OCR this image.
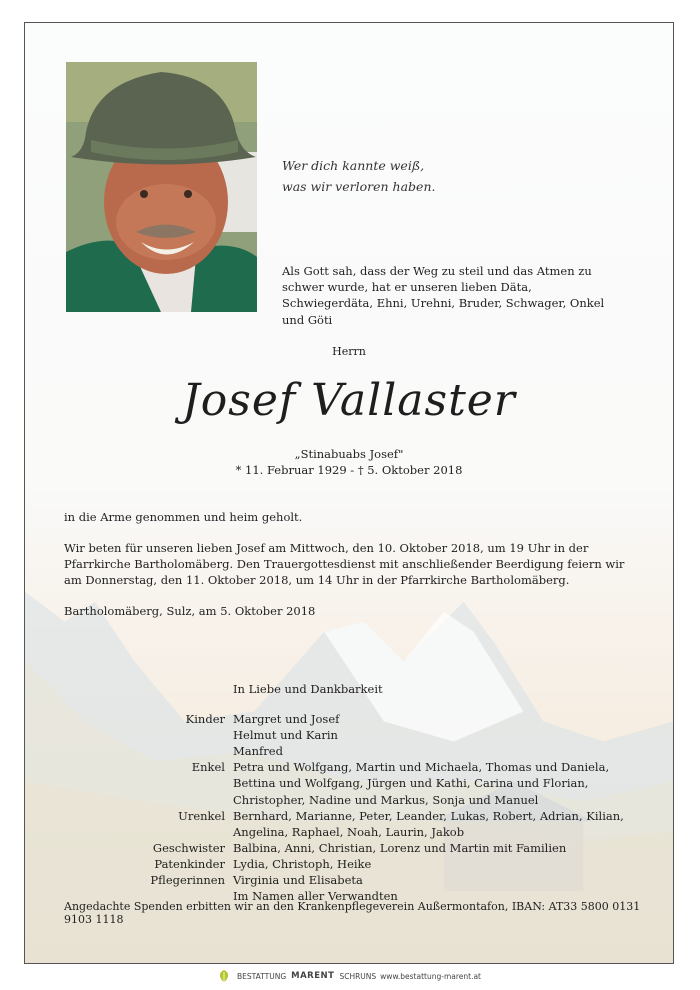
Wer dich kannte weiß,
was wir verloren haben.
Als Gott sah, dass der Weg zu steil und das Atmen zu schwer wurde, hat er unseren lieben Däta, Schwiegerdäta, Ehni, Urehni, Bruder, Schwager, Onkel und Göti
Herrn
Josef Vallaster
„Stinabuabs Josef"
* 11. Februar 1929 - † 5. Oktober 2018
in die Arme genommen und heim geholt.
Wir beten für unseren lieben Josef am Mittwoch, den 10. Oktober 2018, um 19 Uhr in der Pfarrkirche Bartholomäberg. Den Trauergottesdienst mit anschließender Beerdigung feiern wir am Donnerstag, den 11. Oktober 2018, um 14 Uhr in der Pfarrkirche Bartholomäberg.
Bartholomäberg, Sulz, am 5. Oktober 2018
In Liebe und Dankbarkeit
Kinder Margret und Josef
Helmut und Karin
Manfred
Enkel Petra und Wolfgang, Martin und Michaela, Thomas und Daniela,
Bettina und Wolfgang, Jürgen und Kathi, Carina und Florian,
Christopher, Nadine und Markus, Sonja und Manuel
Urenkel Bernhard, Marianne, Peter, Leander, Lukas, Robert, Adrian, Kilian,
Angelina, Raphael, Noah, Laurin, Jakob
Geschwister Balbina, Anni, Christian, Lorenz und Martin mit Familien
Patenkinder Lydia, Christoph, Heike
Pflegerinnen Virginia und Elisabeta
Im Namen aller Verwandten
Angedachte Spenden erbitten wir an den Krankenpflegeverein Außermontafon, IBAN: AT33 5800 0131 9103 1118
BESTATTUNG MARENT SCHRUNS www.bestattung-marent.at
